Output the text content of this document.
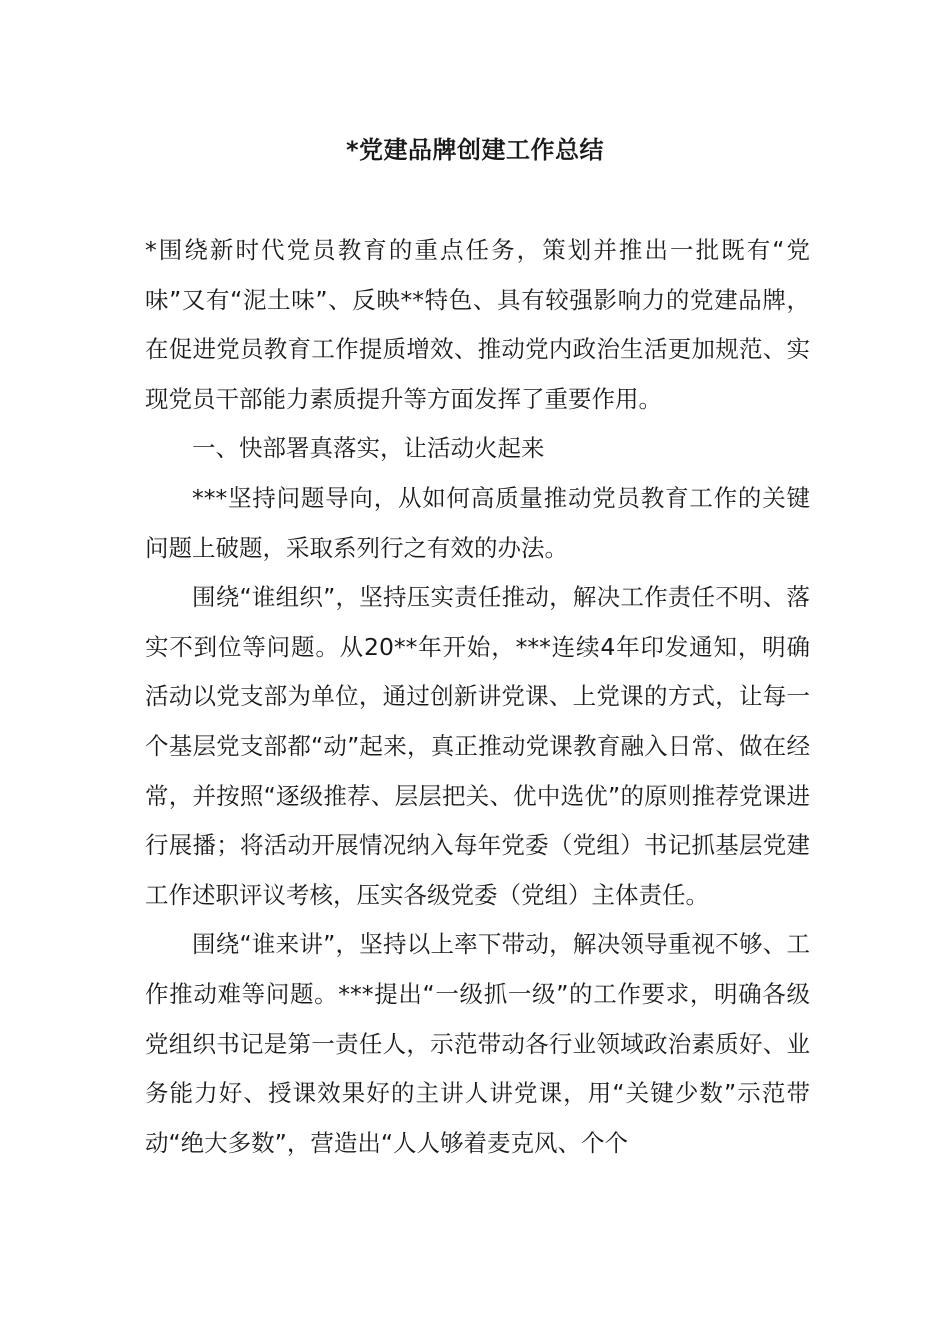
*党建品牌创建工作总结

*围绕新时代党员教育的重点任务，策划并推出一批既有“党味”又有“泥土味”、反映**特色、具有较强影响力的党建品牌，在促进党员教育工作提质增效、推动党内政治生活更加规范、实现党员干部能力素质提升等方面发挥了重要作用。

一、快部署真落实，让活动火起来

***坚持问题导向，从如何高质量推动党员教育工作的关键问题上破题，采取系列行之有效的办法。

围绕“谁组织”，坚持压实责任推动，解决工作责任不明、落实不到位等问题。从20**年开始，***连续4年印发通知，明确活动以党支部为单位，通过创新讲党课、上党课的方式，让每一个基层党支部都“动”起来，真正推动党课教育融入日常、做在经常，并按照“逐级推荐、层层把关、优中选优”的原则推荐党课进行展播；将活动开展情况纳入每年党委（党组）书记抓基层党建工作述职评议考核，压实各级党委（党组）主体责任。

围绕“谁来讲”，坚持以上率下带动，解决领导重视不够、工作推动难等问题。***提出“一级抓一级”的工作要求，明确各级党组织书记是第一责任人，示范带动各行业领域政治素质好、业务能力好、授课效果好的主讲人讲党课，用“关键少数”示范带动“绝大多数”，营造出“人人够着麦克风、个个
